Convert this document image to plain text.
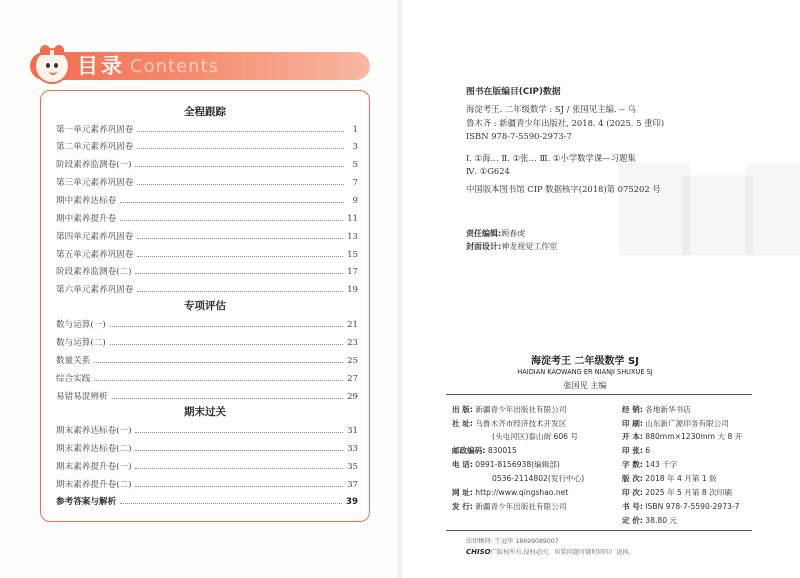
目录 Contents
全程跟踪
第一单元素养巩固卷	1
第二单元素养巩固卷	3
阶段素养监测卷(一)	5
第三单元素养巩固卷	7
期中素养达标卷	9
期中素养提升卷	11
第四单元素养巩固卷	13
第五单元素养巩固卷	15
阶段素养监测卷(二)	17
第六单元素养巩固卷	19
专项评估
数与运算(一)	21
数与运算(二)	23
数量关系	25
综合实践	27
易错易混辨析	29
期末过关
期末素养达标卷(一)	31
期末素养达标卷(二)	33
期末素养提升卷(一)	35
期末素养提升卷(二)	37
参考答案与解析	39
图书在版编目(CIP)数据
海淀考王. 二年级数学 : SJ / 张国见主编. -- 乌
鲁木齐 : 新疆青少年出版社, 2018. 4 (2025. 5 重印)
ISBN 978-7-5590-2973-7
Ⅰ. ①海… Ⅱ. ①张… Ⅲ. ①小学数学课—习题集
Ⅳ. ①G624
中国版本图书馆 CIP 数据核字(2018)第 075202 号
责任编辑:顾春虎
封面设计:神龙视觉工作室
海淀考王 二年级数学 SJ
HAIDIAN KAOWANG ER NIANJI SHUXUE SJ
张国见 主编
出 版: 新疆青少年出版社有限公司
社 址: 乌鲁木齐市经济技术开发区
(头屯河区)泰山街 606 号
邮政编码: 830015
电 话: 0991-8156938(编辑部)
0536-2114802(发行中心)
网 址: http://www.qingshao.net
发 行: 新疆青少年出版社有限公司
经 销: 各地新华书店
印 刷: 山东新广源印务有限公司
开 本: 880mm×1230mm 大 8 开
印 张: 6
字 数: 143 千字
版 次: 2018 年 4 月第 1 版
印 次: 2025 年 5 月第 8 次印刷
书 号: ISBN 978-7-5590-2973-7
定 价: 38.80 元
法律顾问: 王冠华 18699089007
CHISO广版权所有,侵权必究。印装问题可随时同印厂退换。
